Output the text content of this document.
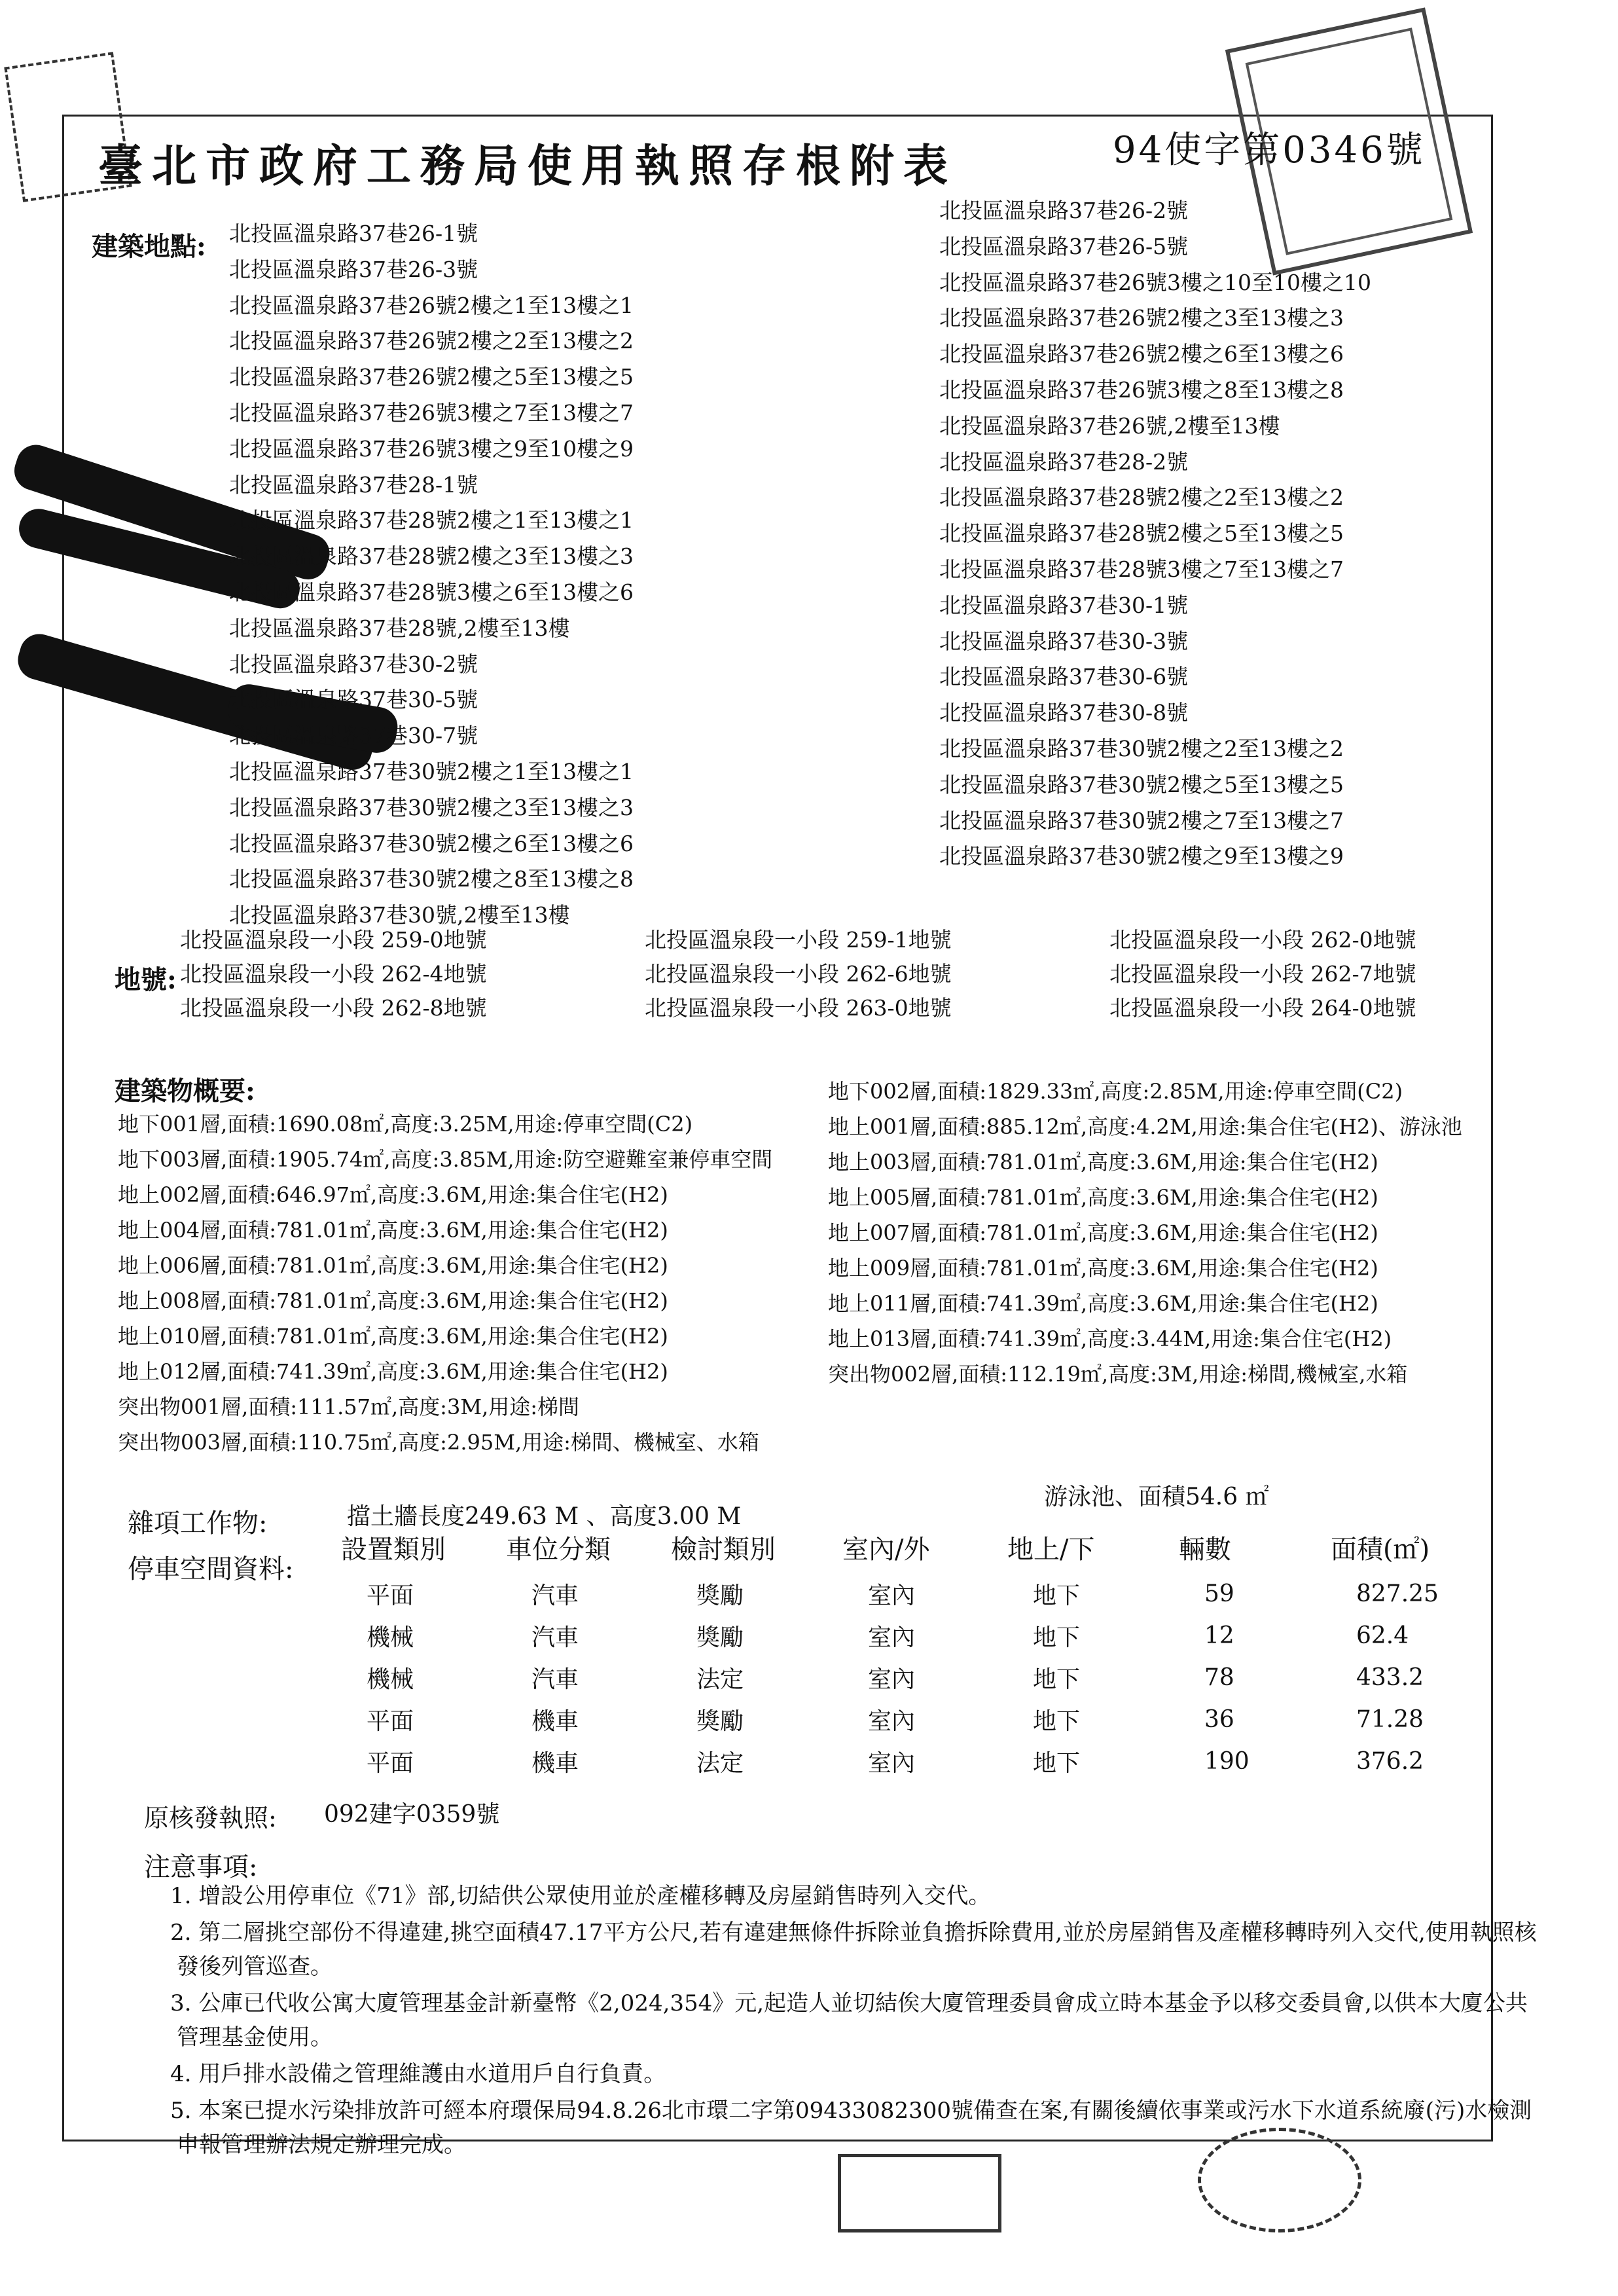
臺北市政府工務局使用執照存根附表	94使字第0346號
建築地點: 北投區溫泉路37巷26-1號
北投區溫泉路37巷26-3號
北投區溫泉路37巷26號2樓之1至13樓之1
北投區溫泉路37巷26號2樓之2至13樓之2
北投區溫泉路37巷26號2樓之5至13樓之5
北投區溫泉路37巷26號3樓之7至13樓之7
北投區溫泉路37巷26號3樓之9至10樓之9
北投區溫泉路37巷28-1號
北投區溫泉路37巷28號2樓之1至13樓之1
北投區溫泉路37巷28號2樓之3至13樓之3
北投區溫泉路37巷28號3樓之6至13樓之6
北投區溫泉路37巷28號,2樓至13樓
北投區溫泉路37巷30-2號
北投區溫泉路37巷30-5號
北投區溫泉路37巷30-7號
北投區溫泉路37巷30號2樓之1至13樓之1
北投區溫泉路37巷30號2樓之3至13樓之3
北投區溫泉路37巷30號2樓之6至13樓之6
北投區溫泉路37巷30號2樓之8至13樓之8
北投區溫泉路37巷30號,2樓至13樓
北投區溫泉路37巷26-2號
北投區溫泉路37巷26-5號
北投區溫泉路37巷26號3樓之10至10樓之10
北投區溫泉路37巷26號2樓之3至13樓之3
北投區溫泉路37巷26號2樓之6至13樓之6
北投區溫泉路37巷26號3樓之8至13樓之8
北投區溫泉路37巷26號,2樓至13樓
北投區溫泉路37巷28-2號
北投區溫泉路37巷28號2樓之2至13樓之2
北投區溫泉路37巷28號2樓之5至13樓之5
北投區溫泉路37巷28號3樓之7至13樓之7
北投區溫泉路37巷30-1號
北投區溫泉路37巷30-3號
北投區溫泉路37巷30-6號
北投區溫泉路37巷30-8號
北投區溫泉路37巷30號2樓之2至13樓之2
北投區溫泉路37巷30號2樓之5至13樓之5
北投區溫泉路37巷30號2樓之7至13樓之7
北投區溫泉路37巷30號2樓之9至13樓之9
地號:
北投區溫泉段一小段 259-0地號	北投區溫泉段一小段 259-1地號	北投區溫泉段一小段 262-0地號
北投區溫泉段一小段 262-4地號	北投區溫泉段一小段 262-6地號	北投區溫泉段一小段 262-7地號
北投區溫泉段一小段 262-8地號	北投區溫泉段一小段 263-0地號	北投區溫泉段一小段 264-0地號
建築物概要:
地下001層,面積:1690.08㎡,高度:3.25M,用途:停車空間(C2)
地下003層,面積:1905.74㎡,高度:3.85M,用途:防空避難室兼停車空間
地上002層,面積:646.97㎡,高度:3.6M,用途:集合住宅(H2)
地上004層,面積:781.01㎡,高度:3.6M,用途:集合住宅(H2)
地上006層,面積:781.01㎡,高度:3.6M,用途:集合住宅(H2)
地上008層,面積:781.01㎡,高度:3.6M,用途:集合住宅(H2)
地上010層,面積:781.01㎡,高度:3.6M,用途:集合住宅(H2)
地上012層,面積:741.39㎡,高度:3.6M,用途:集合住宅(H2)
突出物001層,面積:111.57㎡,高度:3M,用途:梯間
突出物003層,面積:110.75㎡,高度:2.95M,用途:梯間、機械室、水箱
地下002層,面積:1829.33㎡,高度:2.85M,用途:停車空間(C2)
地上001層,面積:885.12㎡,高度:4.2M,用途:集合住宅(H2)、游泳池
地上003層,面積:781.01㎡,高度:3.6M,用途:集合住宅(H2)
地上005層,面積:781.01㎡,高度:3.6M,用途:集合住宅(H2)
地上007層,面積:781.01㎡,高度:3.6M,用途:集合住宅(H2)
地上009層,面積:781.01㎡,高度:3.6M,用途:集合住宅(H2)
地上011層,面積:741.39㎡,高度:3.6M,用途:集合住宅(H2)
地上013層,面積:741.39㎡,高度:3.44M,用途:集合住宅(H2)
突出物002層,面積:112.19㎡,高度:3M,用途:梯間,機械室,水箱
雜項工作物:	擋土牆長度249.63 M 、高度3.00 M
游泳池、面積54.6 ㎡
停車空間資料:
設置類別	車位分類	檢討類別	室內/外	地上/下	輛數	面積(㎡)
平面	汽車	獎勵	室內	地下	59	827.25
機械	汽車	獎勵	室內	地下	12	62.4
機械	汽車	法定	室內	地下	78	433.2
平面	機車	獎勵	室內	地下	36	71.28
平面	機車	法定	室內	地下	190	376.2
原核發執照: 092建字0359號
注意事項:
1. 增設公用停車位《71》部,切結供公眾使用並於產權移轉及房屋銷售時列入交代。
2. 第二層挑空部份不得違建,挑空面積47.17平方公尺,若有違建無條件拆除並負擔拆除費用,並於房屋銷售及產權移轉時列入交代,使用執照核發後列管巡查。
3. 公庫已代收公寓大廈管理基金計新臺幣《2,024,354》元,起造人並切結俟大廈管理委員會成立時本基金予以移交委員會,以供本大廈公共管理基金使用。
4. 用戶排水設備之管理維護由水道用戶自行負責。
5. 本案已提水污染排放許可經本府環保局94.8.26北市環二字第09433082300號備查在案,有關後續依事業或污水下水道系統廢(污)水檢測申報管理辦法規定辦理完成。
